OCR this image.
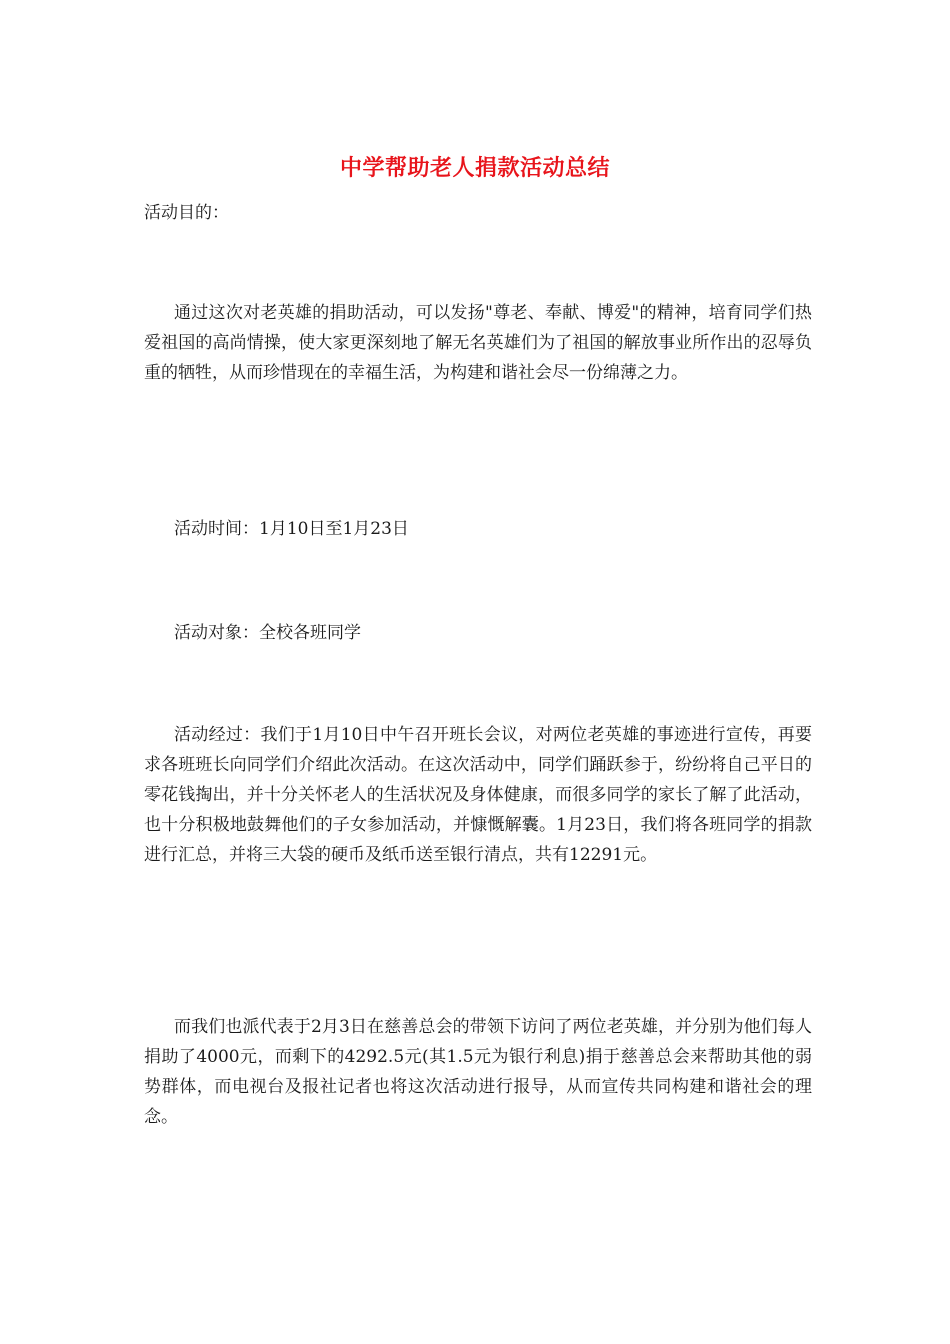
中学帮助老人捐款活动总结
活动目的：

通过这次对老英雄的捐助活动，可以发扬"尊老、奉献、博爱"的精神，培育同学们热爱祖国的高尚情操，使大家更深刻地了解无名英雄们为了祖国的解放事业所作出的忍辱负重的牺牲，从而珍惜现在的幸福生活，为构建和谐社会尽一份绵薄之力。

活动时间：1月10日至1月23日

活动对象：全校各班同学

活动经过：我们于1月10日中午召开班长会议，对两位老英雄的事迹进行宣传，再要求各班班长向同学们介绍此次活动。在这次活动中，同学们踊跃参于，纷纷将自己平日的零花钱掏出，并十分关怀老人的生活状况及身体健康，而很多同学的家长了解了此活动，也十分积极地鼓舞他们的子女参加活动，并慷慨解囊。1月23日，我们将各班同学的捐款进行汇总，并将三大袋的硬币及纸币送至银行清点，共有12291元。

而我们也派代表于2月3日在慈善总会的带领下访问了两位老英雄，并分别为他们每人捐助了4000元，而剩下的4292.5元(其1.5元为银行利息)捐于慈善总会来帮助其他的弱势群体，而电视台及报社记者也将这次活动进行报导，从而宣传共同构建和谐社会的理念。
